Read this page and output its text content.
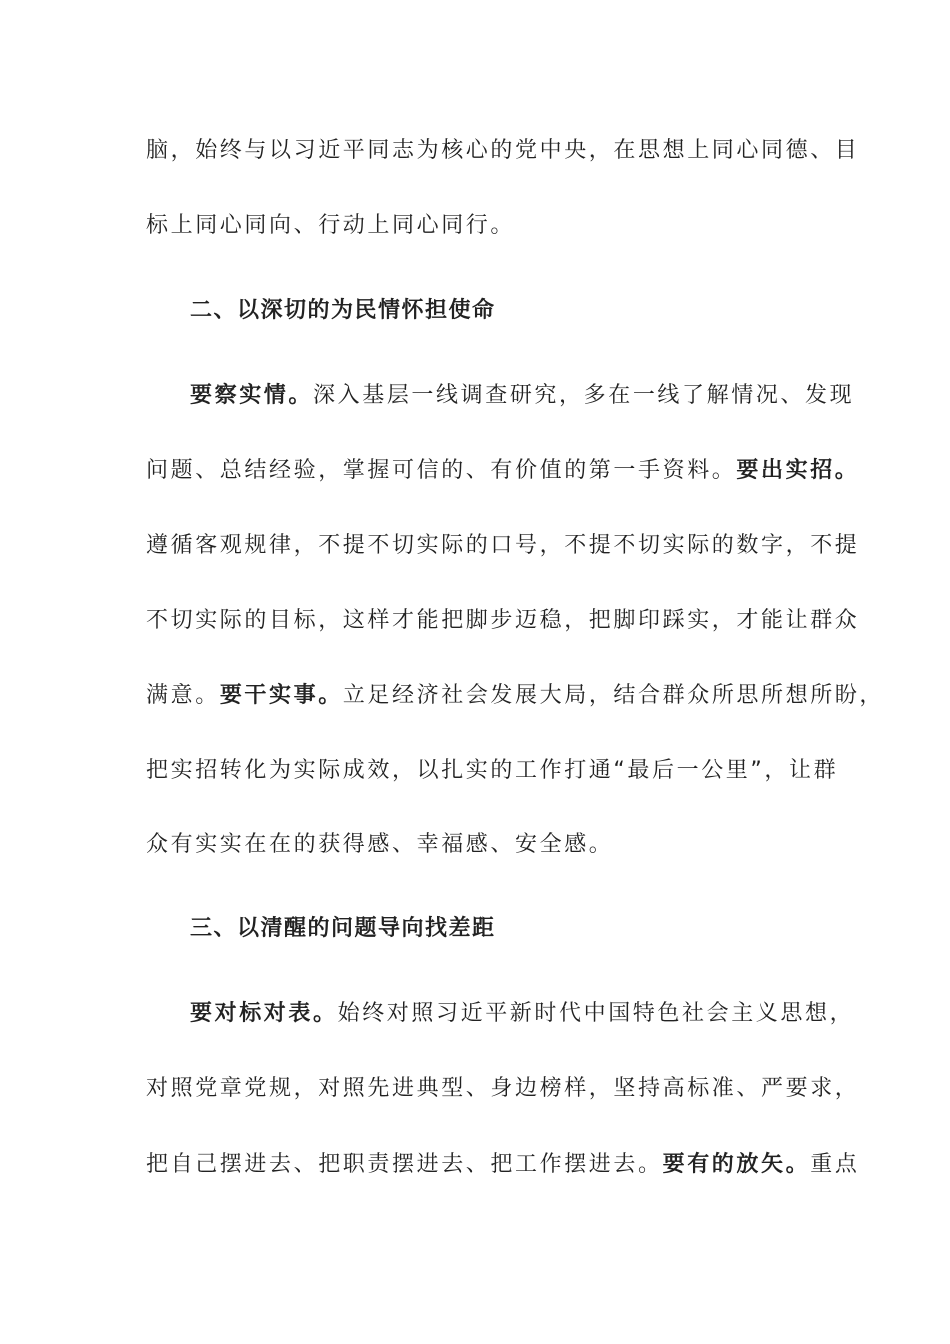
脑，始终与以习近平同志为核心的党中央，在思想上同心同德、目
标上同心同向、行动上同心同行。
二、以深切的为民情怀担使命
要察实情。深入基层一线调查研究，多在一线了解情况、发现
问题、总结经验，掌握可信的、有价值的第一手资料。要出实招。
遵循客观规律，不提不切实际的口号，不提不切实际的数字，不提
不切实际的目标，这样才能把脚步迈稳，把脚印踩实，才能让群众
满意。要干实事。立足经济社会发展大局，结合群众所思所想所盼，
把实招转化为实际成效，以扎实的工作打通“最后一公里”，让群
众有实实在在的获得感、幸福感、安全感。
三、以清醒的问题导向找差距
要对标对表。始终对照习近平新时代中国特色社会主义思想，
对照党章党规，对照先进典型、身边榜样，坚持高标准、严要求，
把自己摆进去、把职责摆进去、把工作摆进去。要有的放矢。重点
